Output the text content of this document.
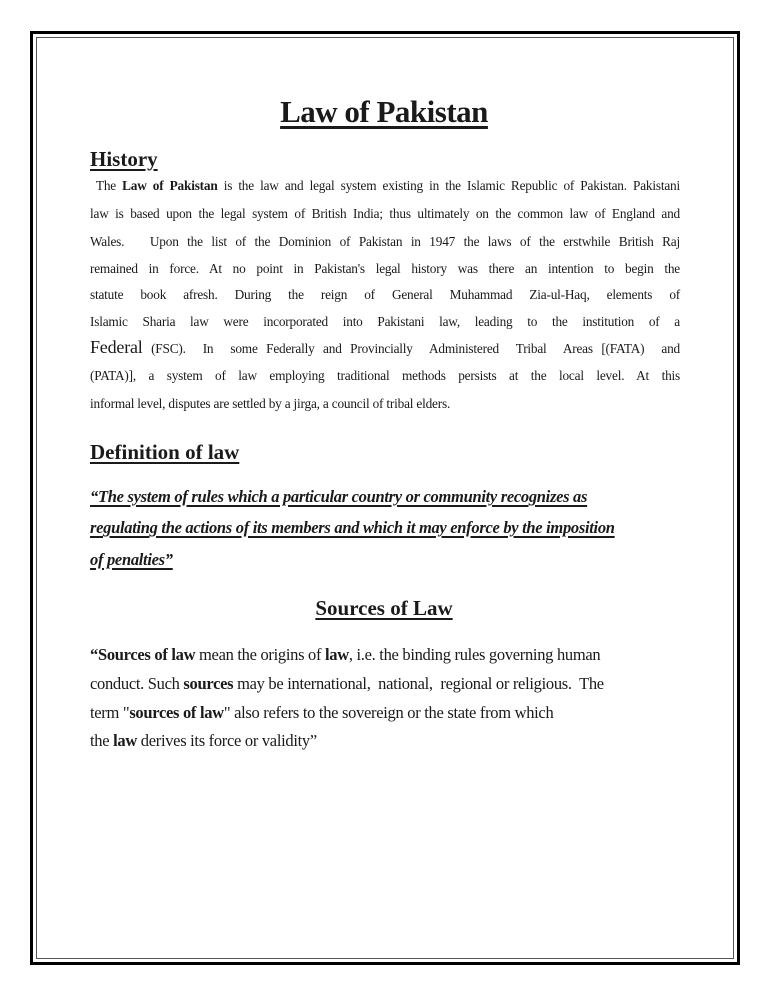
Law of Pakistan
History
The Law of Pakistan is the law and legal system existing in the Islamic Republic of Pakistan. Pakistani
law is based upon the legal system of British India; thus ultimately on the common law of England and
Wales.   Upon the list of the Dominion of Pakistan in 1947 the laws of the erstwhile British Raj
remained in force. At no point in Pakistan's legal history was there an intention to begin the
statute book afresh. During the reign of General Muhammad Zia-ul-Haq, elements of
Islamic Sharia law were incorporated into Pakistani law, leading to the institution of a
Federal (FSC).  In  some Federally and Provincially  Administered  Tribal  Areas [(FATA)  and
(PATA)], a system of law employing traditional methods persists at the local level. At this
informal level, disputes are settled by a jirga, a council of tribal elders.
Definition of law
“The system of rules which a particular country or community recognizes as
regulating the actions of its members and which it may enforce by the imposition
of penalties”
Sources of Law
“Sources of law mean the origins of law, i.e. the binding rules governing human
conduct. Such sources may be international,  national,  regional or religious.  The
term "sources of law" also refers to the sovereign or the state from which
the law derives its force or validity”
